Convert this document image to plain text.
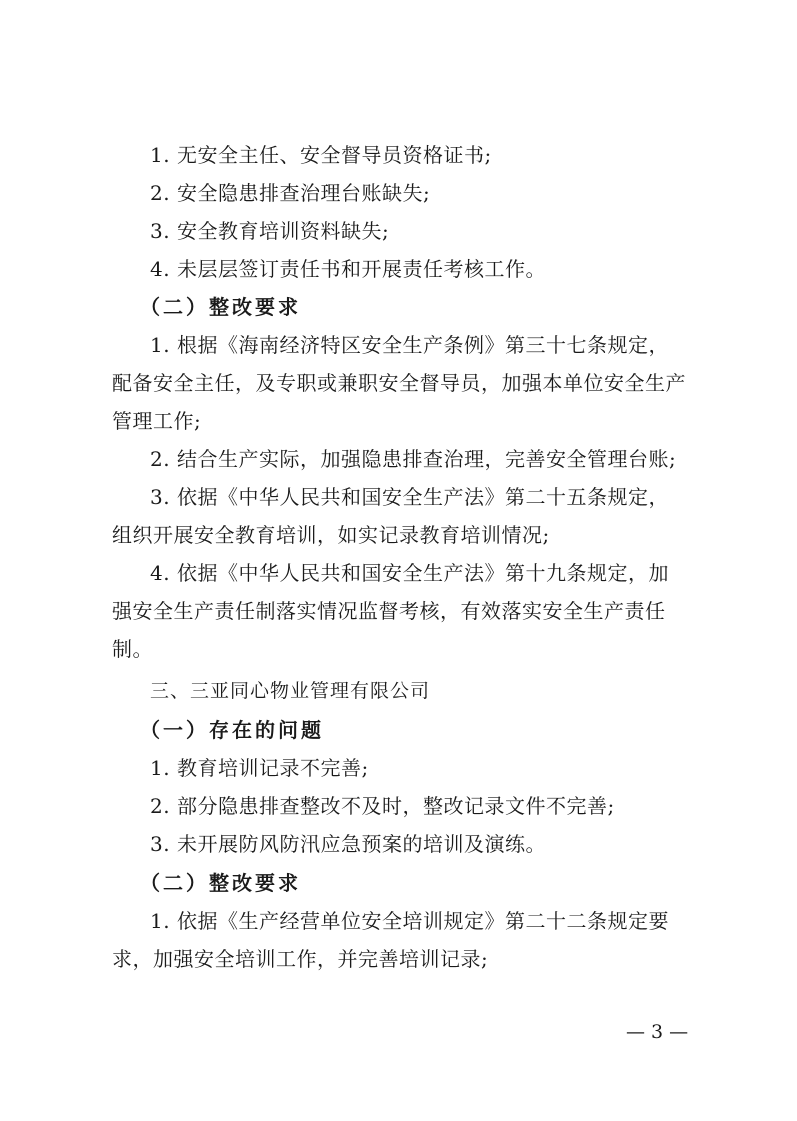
1. 无安全主任、安全督导员资格证书;
2. 安全隐患排查治理台账缺失;
3. 安全教育培训资料缺失;
4. 未层层签订责任书和开展责任考核工作。
（二）整改要求
1. 根据《海南经济特区安全生产条例》第三十七条规定，
配备安全主任，及专职或兼职安全督导员，加强本单位安全生产
管理工作;
2. 结合生产实际，加强隐患排查治理，完善安全管理台账;
3. 依据《中华人民共和国安全生产法》第二十五条规定，
组织开展安全教育培训，如实记录教育培训情况;
4. 依据《中华人民共和国安全生产法》第十九条规定，加
强安全生产责任制落实情况监督考核，有效落实安全生产责任
制。
三、三亚同心物业管理有限公司
（一）存在的问题
1. 教育培训记录不完善;
2. 部分隐患排查整改不及时，整改记录文件不完善;
3. 未开展防风防汛应急预案的培训及演练。
（二）整改要求
1. 依据《生产经营单位安全培训规定》第二十二条规定要
求，加强安全培训工作，并完善培训记录;
— 3 —
